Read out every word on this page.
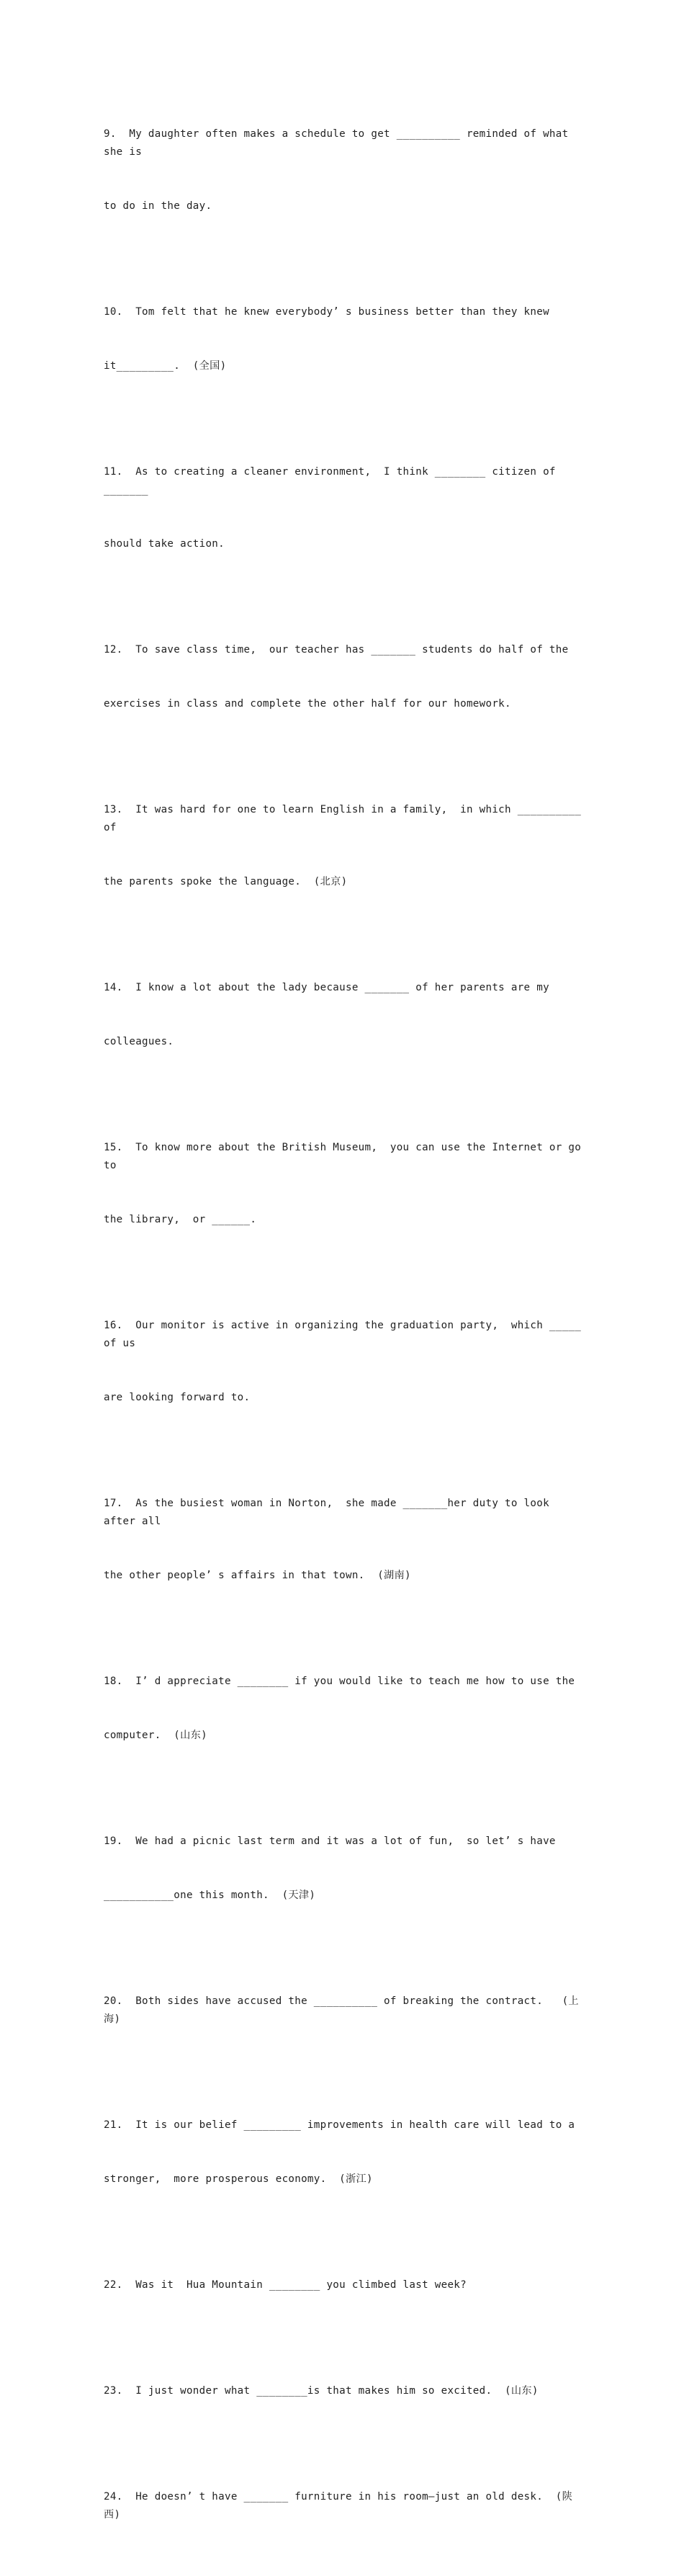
9.  My daughter often makes a schedule to get __________ reminded of what she is

to do in the day.

10.  Tom felt that he knew everybody’ s business better than they knew

it_________.  (全国)

11.  As to creating a cleaner environment,  I think ________ citizen of _______

should take action.

12.  To save class time,  our teacher has _______ students do half of the

exercises in class and complete the other half for our homework.

13.  It was hard for one to learn English in a family,  in which __________ of

the parents spoke the language.  (北京)

14.  I know a lot about the lady because _______ of her parents are my

colleagues.

15.  To know more about the British Museum,  you can use the Internet or go to

the library,  or ______.

16.  Our monitor is active in organizing the graduation party,  which _____ of us

are looking forward to.

17.  As the busiest woman in Norton,  she made _______her duty to look after all

the other people’ s affairs in that town.  (湖南)

18.  I’ d appreciate ________ if you would like to teach me how to use the

computer.  (山东)

19.  We had a picnic last term and it was a lot of fun,  so let’ s have

___________one this month.  (天津)

20.  Both sides have accused the __________ of breaking the contract.   (上海)

21.  It is our belief _________ improvements in health care will lead to a

stronger,  more prosperous economy.  (浙江)

22.  Was it  Hua Mountain ________ you climbed last week?

23.  I just wonder what ________is that makes him so excited.  (山东)

24.  He doesn’ t have _______ furniture in his room—just an old desk.  (陕西)
